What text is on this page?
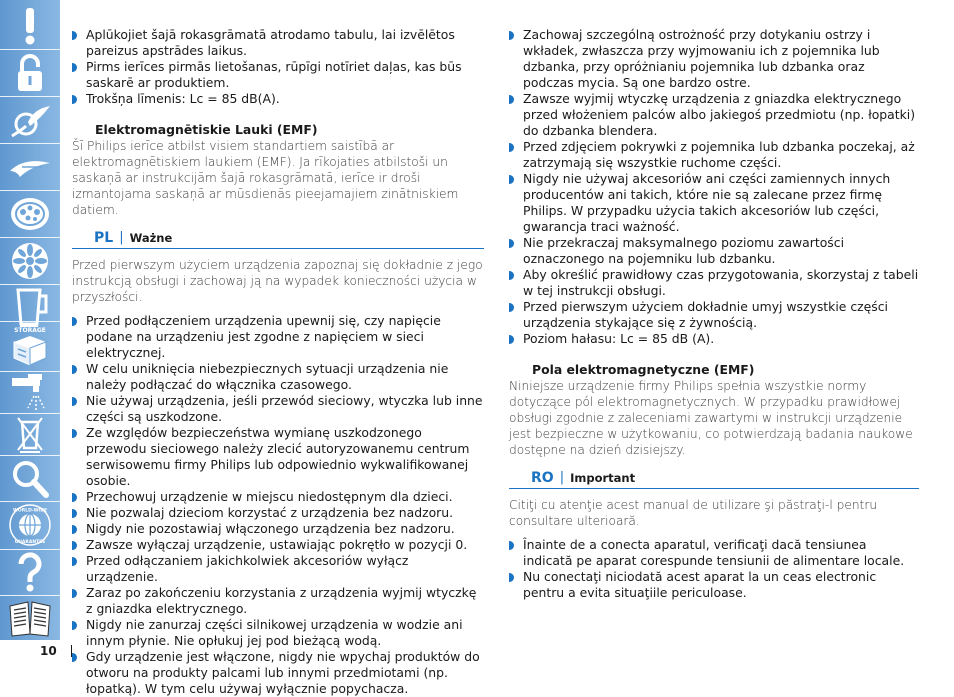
STORAGE
WORLD-WIDE
GUARANTEE
10
Aplūkojiet šajā rokasgrāmatā atrodamo tabulu, lai izvēlētos pareizus apstrādes laikus.
Pirms ierīces pirmās lietošanas, rūpīgi notīriet daļas, kas būs saskarē ar produktiem.
Trokšņa līmenis: Lc = 85 dB(A).
Elektromagnētiskie Lauki (EMF)
Šī Philips ierīce atbilst visiem standartiem saistībā ar elektromagnētiskiem laukiem (EMF). Ja rīkojaties atbilstoši un saskaņā ar instrukcijām šajā rokasgrāmatā, ierīce ir droši izmantojama saskaņā ar mūsdienās pieejamajiem zinātniskiem datiem.
PL | Ważne
Przed pierwszym użyciem urządzenia zapoznaj się dokładnie z jego instrukcją obsługi i zachowaj ją na wypadek konieczności użycia w przyszłości.
Przed podłączeniem urządzenia upewnij się, czy napięcie podane na urządzeniu jest zgodne z napięciem w sieci elektrycznej.
W celu uniknięcia niebezpiecznych sytuacji urządzenia nie należy podłączać do włącznika czasowego.
Nie używaj urządzenia, jeśli przewód sieciowy, wtyczka lub inne części są uszkodzone.
Ze względów bezpieczeństwa wymianę uszkodzonego przewodu sieciowego należy zlecić autoryzowanemu centrum serwisowemu firmy Philips lub odpowiednio wykwalifikowanej osobie.
Przechowuj urządzenie w miejscu niedostępnym dla dzieci.
Nie pozwalaj dzieciom korzystać z urządzenia bez nadzoru.
Nigdy nie pozostawiaj włączonego urządzenia bez nadzoru.
Zawsze wyłączaj urządzenie, ustawiając pokrętło w pozycji 0.
Przed odłączaniem jakichkolwiek akcesoriów wyłącz urządzenie.
Zaraz po zakończeniu korzystania z urządzenia wyjmij wtyczkę z gniazdka elektrycznego.
Nigdy nie zanurzaj części silnikowej urządzenia w wodzie ani innym płynie. Nie opłukuj jej pod bieżącą wodą.
Gdy urządzenie jest włączone, nigdy nie wpychaj produktów do otworu na produkty palcami lub innymi przedmiotami (np. łopatką). W tym celu używaj wyłącznie popychacza.
Zachowaj szczególną ostrożność przy dotykaniu ostrzy i wkładek, zwłaszcza przy wyjmowaniu ich z pojemnika lub dzbanka, przy opróżnianiu pojemnika lub dzbanka oraz podczas mycia. Są one bardzo ostre.
Zawsze wyjmij wtyczkę urządzenia z gniazdka elektrycznego przed włożeniem palców albo jakiegoś przedmiotu (np. łopatki) do dzbanka blendera.
Przed zdjęciem pokrywki z pojemnika lub dzbanka poczekaj, aż zatrzymają się wszystkie ruchome części.
Nigdy nie używaj akcesoriów ani części zamiennych innych producentów ani takich, które nie są zalecane przez firmę Philips. W przypadku użycia takich akcesoriów lub części, gwarancja traci ważność.
Nie przekraczaj maksymalnego poziomu zawartości oznaczonego na pojemniku lub dzbanku.
Aby określić prawidłowy czas przygotowania, skorzystaj z tabeli w tej instrukcji obsługi.
Przed pierwszym użyciem dokładnie umyj wszystkie części urządzenia stykające się z żywnością.
Poziom hałasu: Lc = 85 dB (A).
Pola elektromagnetyczne (EMF)
Niniejsze urządzenie firmy Philips spełnia wszystkie normy dotyczące pól elektromagnetycznych. W przypadku prawidłowej obsługi zgodnie z zaleceniami zawartymi w instrukcji urządzenie jest bezpieczne w użytkowaniu, co potwierdzają badania naukowe dostępne na dzień dzisiejszy.
RO | Important
Citiţi cu atenţie acest manual de utilizare şi păstraţi-l pentru consultare ulterioară.
Înainte de a conecta aparatul, verificaţi dacă tensiunea indicată pe aparat corespunde tensiunii de alimentare locale.
Nu conectaţi niciodată acest aparat la un ceas electronic pentru a evita situaţiile periculoase.
